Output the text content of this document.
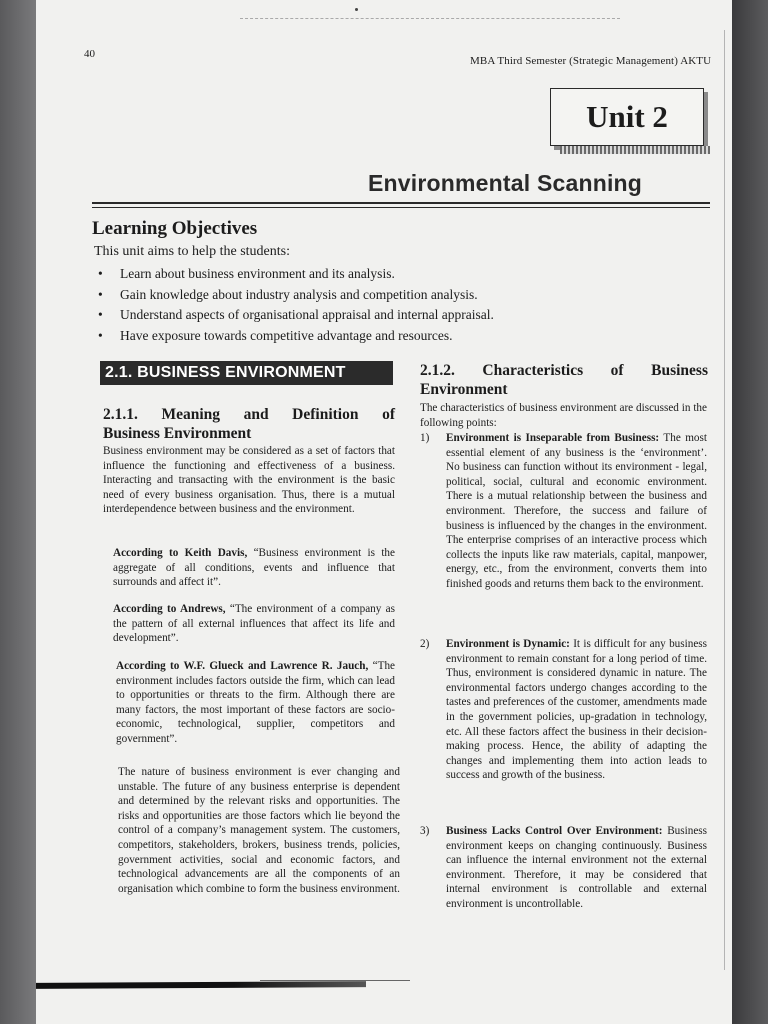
40
MBA Third Semester (Strategic Management) AKTU
Unit 2
Environmental Scanning
Learning Objectives
This unit aims to help the students:
• Learn about business environment and its analysis.
• Gain knowledge about industry analysis and competition analysis.
• Understand aspects of organisational appraisal and internal appraisal.
• Have exposure towards competitive advantage and resources.
2.1. BUSINESS ENVIRONMENT
2.1.1. Meaning and Definition of
Business Environment

Business environment may be considered as a set of factors that influence the functioning and effectiveness of a business. Interacting and transacting with the environment is the basic need of every business organisation. Thus, there is a mutual interdependence between business and the environment.

According to Keith Davis, “Business environment is the aggregate of all conditions, events and influence that surrounds and affect it”.

According to Andrews, “The environment of a company as the pattern of all external influences that affect its life and development”.

According to W.F. Glueck and Lawrence R. Jauch, “The environment includes factors outside the firm, which can lead to opportunities or threats to the firm. Although there are many factors, the most important of these factors are socio-economic, technological, supplier, competitors and government”.

The nature of business environment is ever changing and unstable. The future of any business enterprise is dependent and determined by the relevant risks and opportunities. The risks and opportunities are those factors which lie beyond the control of a company’s management system. The customers, competitors, stakeholders, brokers, business trends, policies, government activities, social and economic factors, and technological advancements are all the components of an organisation which combine to form the business environment.

2.1.2. Characteristics of Business
Environment

The characteristics of business environment are discussed in the following points:

1) Environment is Inseparable from Business: The most essential element of any business is the ‘environment’. No business can function without its environment - legal, political, social, cultural and economic environment. There is a mutual relationship between the business and environment. Therefore, the success and failure of business is influenced by the changes in the environment. The enterprise comprises of an interactive process which collects the inputs like raw materials, capital, manpower, energy, etc., from the environment, converts them into finished goods and returns them back to the environment.
2) Environment is Dynamic: It is difficult for any business environment to remain constant for a long period of time. Thus, environment is considered dynamic in nature. The environmental factors undergo changes according to the tastes and preferences of the customer, amendments made in the government policies, up-gradation in technology, etc. All these factors affect the business in their decision-making process. Hence, the ability of adapting the changes and implementing them into action leads to success and growth of the business.
3) Business Lacks Control Over Environment: Business environment keeps on changing continuously. Business can influence the internal environment not the external environment. Therefore, it may be considered that internal environment is controllable and external environment is uncontrollable.
